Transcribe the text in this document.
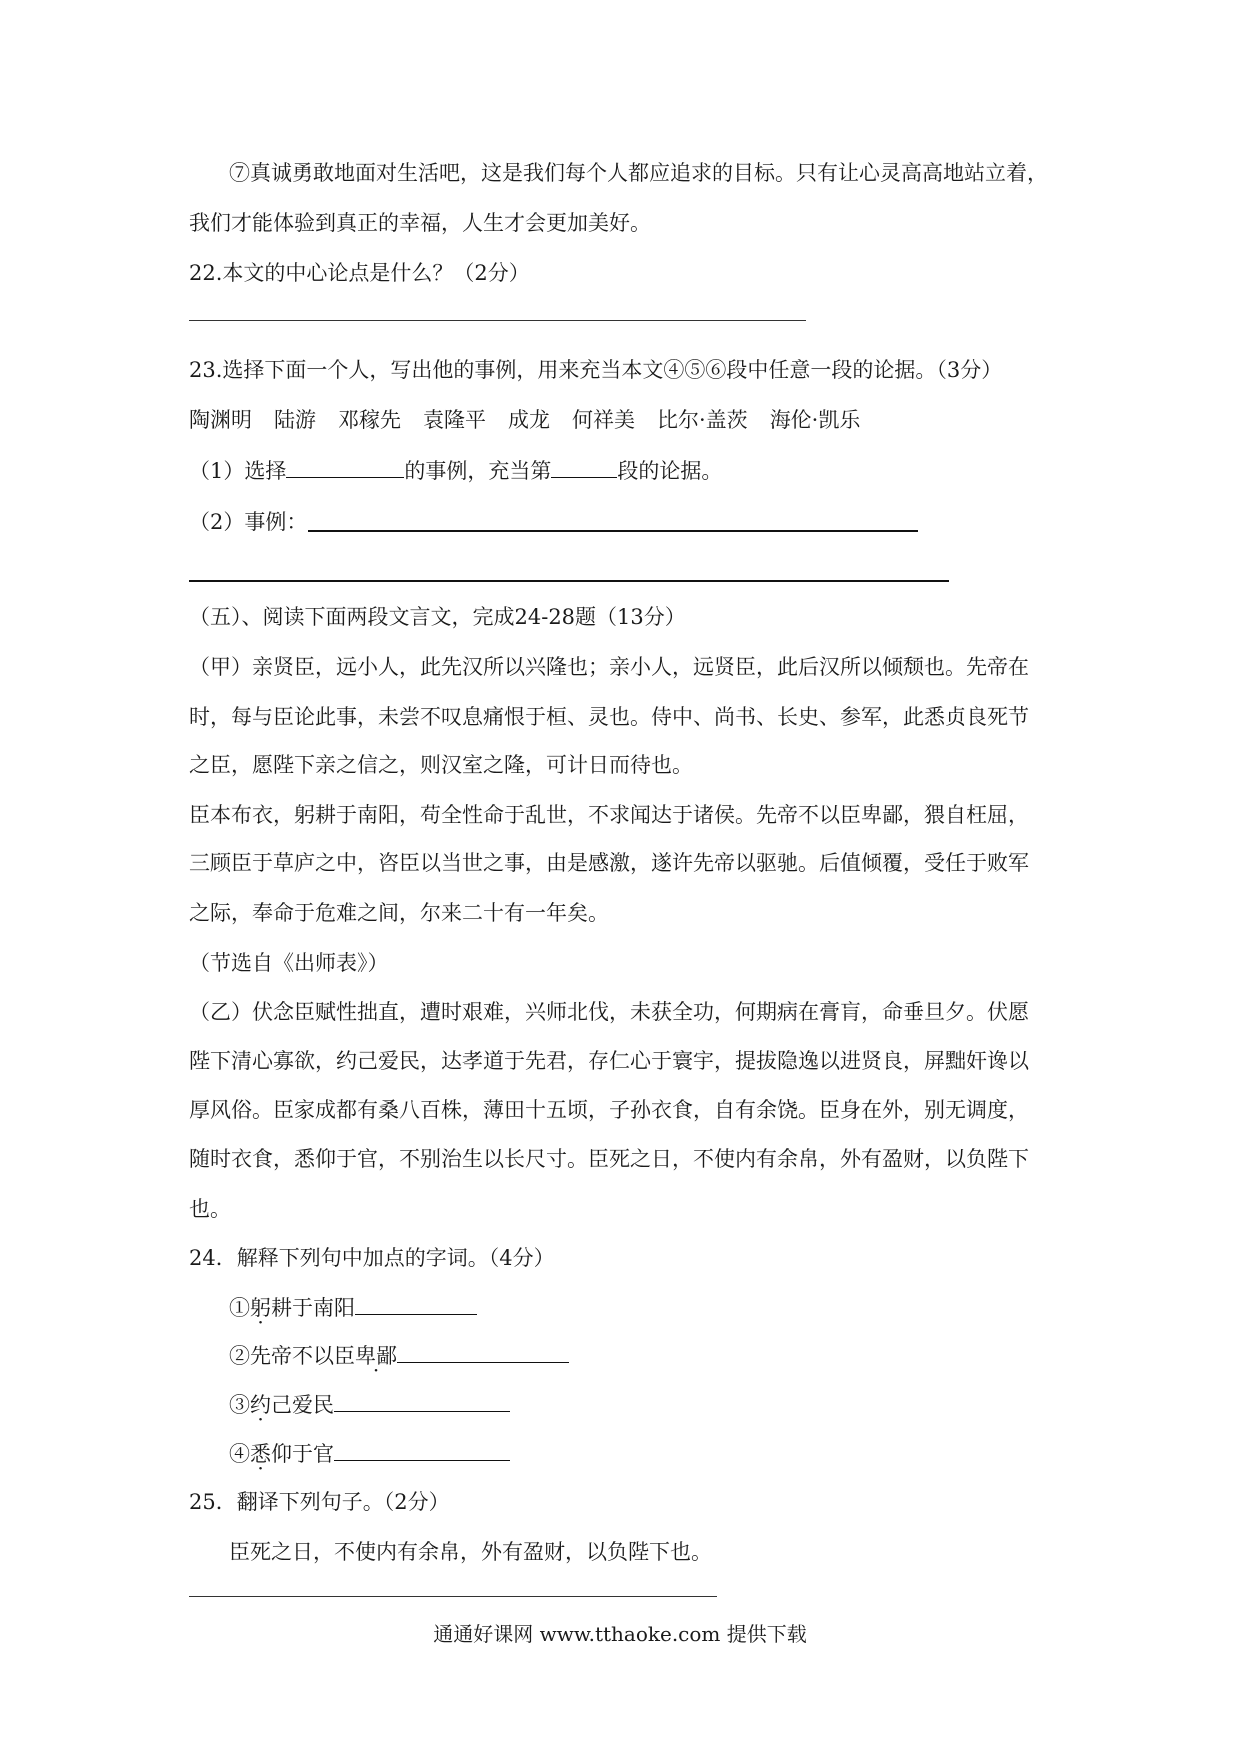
⑦真诚勇敢地面对生活吧，这是我们每个人都应追求的目标。只有让心灵高高地站立着，
我们才能体验到真正的幸福，人生才会更加美好。
22.本文的中心论点是什么？（2分）
23.选择下面一个人，写出他的事例，用来充当本文④⑤⑥段中任意一段的论据。（3分）
陶渊明 陆游 邓稼先 袁隆平 成龙 何祥美 比尔·盖茨 海伦·凯乐
（1）选择	的事例，充当第	段的论据。
（2）事例：
（五）、阅读下面两段文言文，完成24-28题（13分）
（甲）亲贤臣，远小人，此先汉所以兴隆也；亲小人，远贤臣，此后汉所以倾颓也。先帝在
时，每与臣论此事，未尝不叹息痛恨于桓、灵也。侍中、尚书、长史、参军，此悉贞良死节
之臣，愿陛下亲之信之，则汉室之隆，可计日而待也。
臣本布衣，躬耕于南阳，苟全性命于乱世，不求闻达于诸侯。先帝不以臣卑鄙，猥自枉屈，
三顾臣于草庐之中，咨臣以当世之事，由是感激，遂许先帝以驱驰。后值倾覆，受任于败军
之际，奉命于危难之间，尔来二十有一年矣。
（节选自《出师表》）
（乙）伏念臣赋性拙直，遭时艰难，兴师北伐，未获全功，何期病在膏肓，命垂旦夕。伏愿
陛下清心寡欲，约己爱民，达孝道于先君，存仁心于寰宇，提拔隐逸以进贤良，屏黜奸谗以
厚风俗。臣家成都有桑八百株，薄田十五顷，子孙衣食，自有余饶。臣身在外，别无调度，
随时衣食，悉仰于官，不别治生以长尺寸。臣死之日，不使内有余帛，外有盈财，以负陛下
也。
24．解释下列句中加点的字词。（4分）
①躬耕于南阳
②先帝不以臣卑鄙
③约己爱民
④悉仰于官
25．翻译下列句子。（2分）
臣死之日，不使内有余帛，外有盈财，以负陛下也。
通通好课网 www.tthaoke.com 提供下载
